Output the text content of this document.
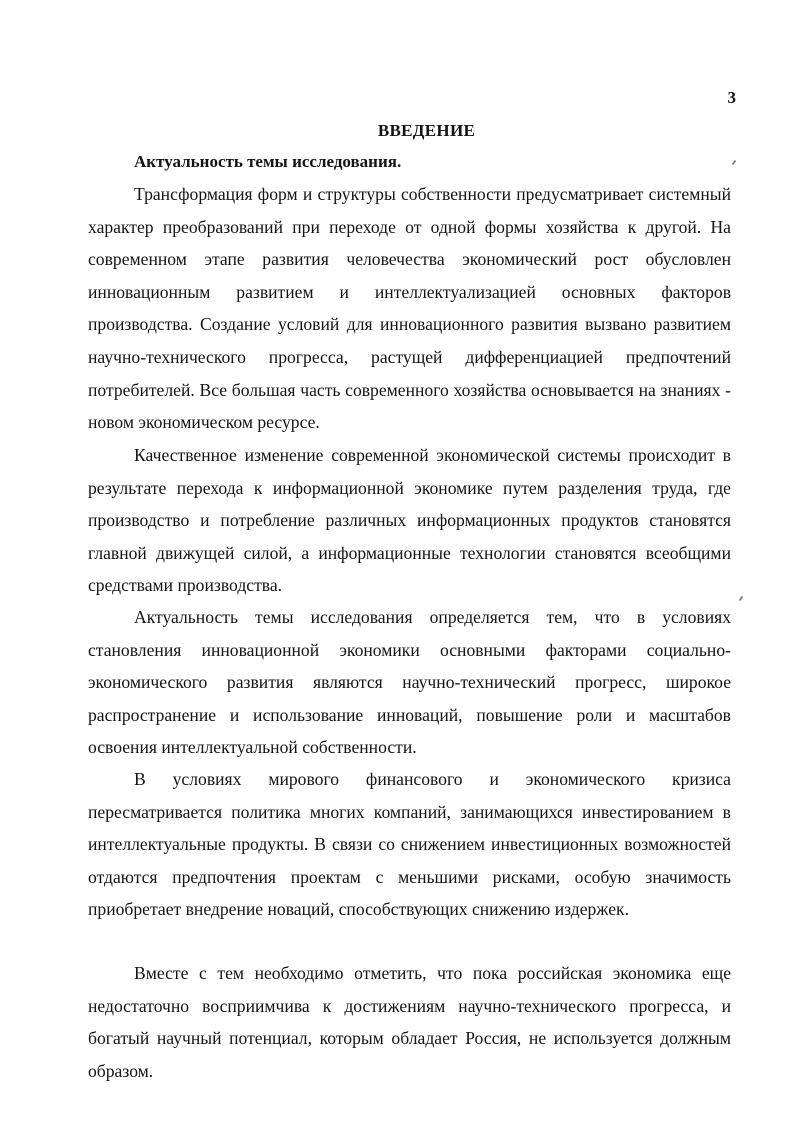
3
ВВЕДЕНИЕ
Актуальность темы исследования.

Трансформация форм и структуры собственности предусматривает системный характер преобразований при переходе от одной формы хозяйства к другой. На современном этапе развития человечества экономический рост обусловлен инновационным развитием и интеллектуализацией основных факторов производства. Создание условий для инновационного развития вызвано развитием научно-технического прогресса, растущей дифференциацией предпочтений потребителей. Все большая часть современного хозяйства основывается на знаниях - новом экономическом ресурсе.

Качественное изменение современной экономической системы происходит в результате перехода к информационной экономике путем разделения труда, где производство и потребление различных информационных продуктов становятся главной движущей силой, а информационные технологии становятся всеобщими средствами производства.

Актуальность темы исследования определяется тем, что в условиях становления инновационной экономики основными факторами социально-экономического развития являются научно-технический прогресс, широкое распространение и использование инноваций, повышение роли и масштабов освоения интеллектуальной собственности.

В условиях мирового финансового и экономического кризиса пересматривается политика многих компаний, занимающихся инвестированием в интеллектуальные продукты. В связи со снижением инвестиционных возможностей отдаются предпочтения проектам с меньшими рисками, особую значимость приобретает внедрение новаций, способствующих снижению издержек.

Вместе с тем необходимо отметить, что пока российская экономика еще недостаточно восприимчива к достижениям научно-технического прогресса, и богатый научный потенциал, которым обладает Россия, не используется должным образом.
